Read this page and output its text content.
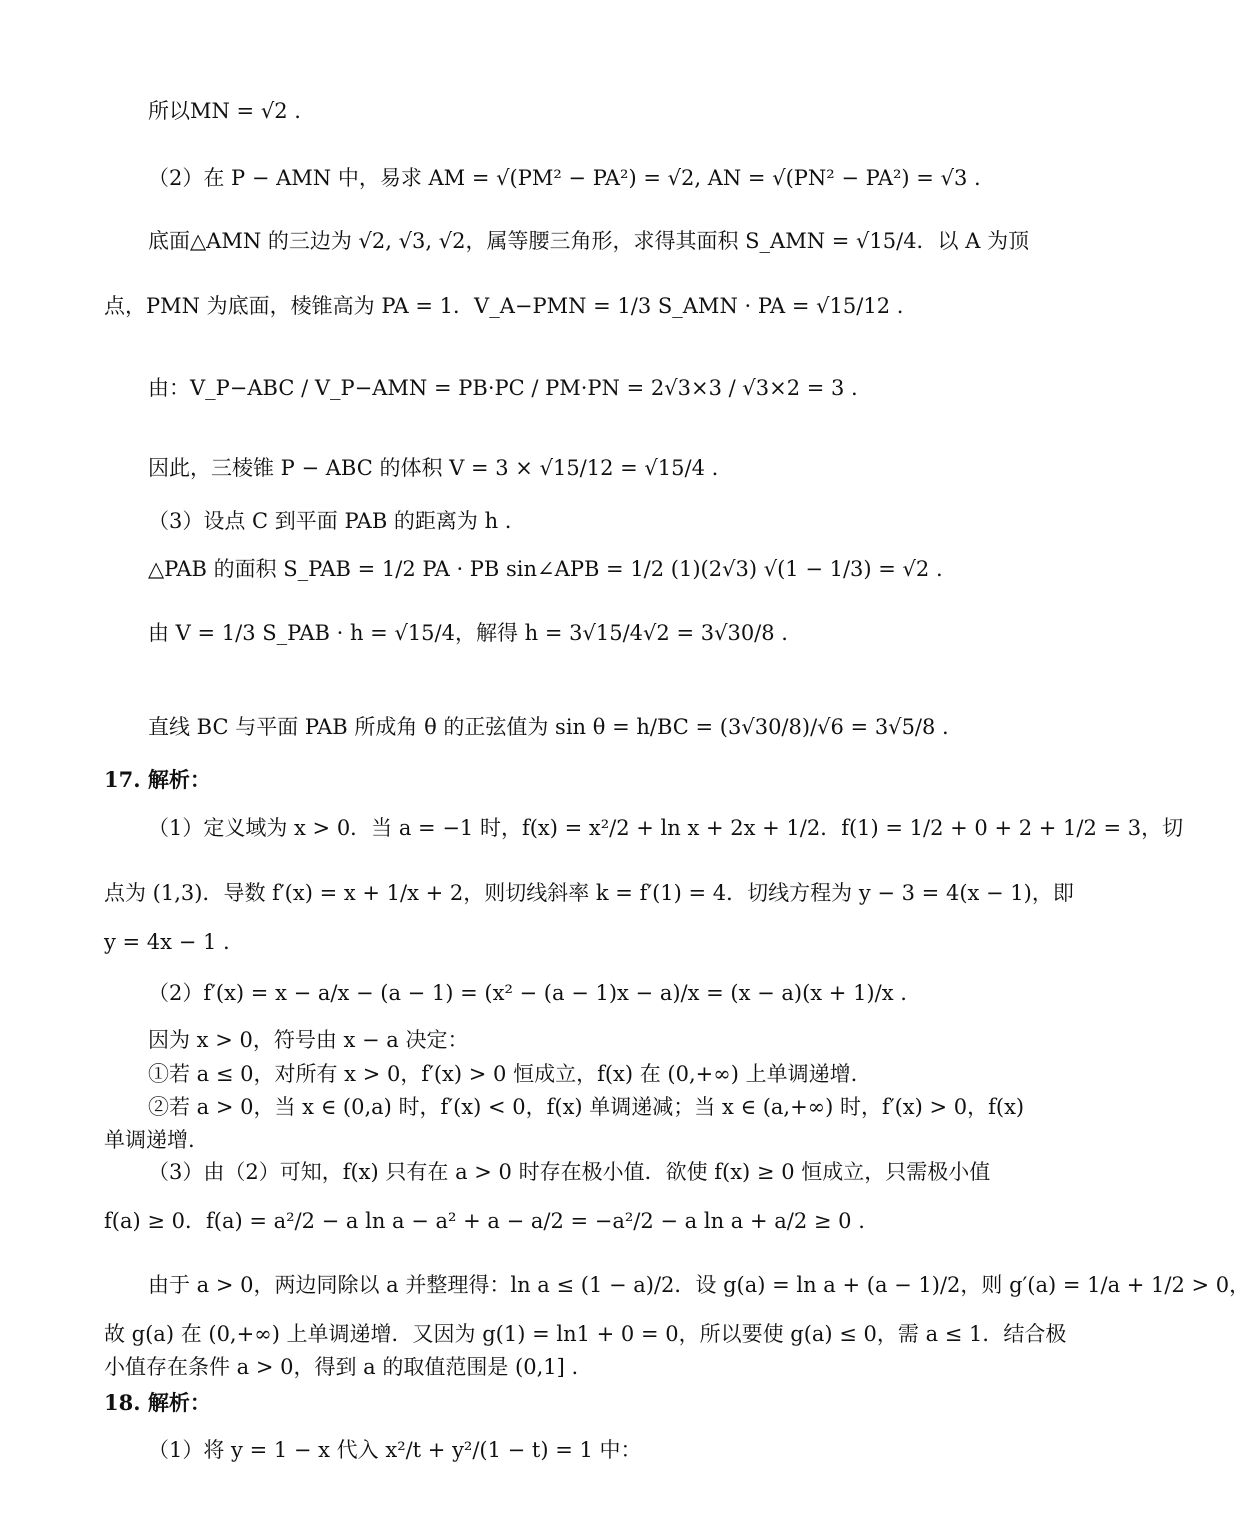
所以MN = √2 .
（2）在 P − AMN 中，易求 AM = √(PM² − PA²) = √2, AN = √(PN² − PA²) = √3 .
底面△AMN 的三边为 √2, √3, √2，属等腰三角形，求得其面积 S_AMN = √15/4．以 A 为顶
点，PMN 为底面，棱锥高为 PA = 1．V_A−PMN = 1/3 S_AMN · PA = √15/12 .
由：V_P−ABC / V_P−AMN = PB·PC / PM·PN = 2√3×3 / √3×2 = 3 .
因此，三棱锥 P − ABC 的体积 V = 3 × √15/12 = √15/4 .
（3）设点 C 到平面 PAB 的距离为 h .
△PAB 的面积 S_PAB = 1/2 PA · PB sin∠APB = 1/2 (1)(2√3) √(1 − 1/3) = √2 .
由 V = 1/3 S_PAB · h = √15/4，解得 h = 3√15/4√2 = 3√30/8 .
直线 BC 与平面 PAB 所成角 θ 的正弦值为 sin θ = h/BC = (3√30/8)/√6 = 3√5/8 .
17. 解析：
（1）定义域为 x > 0．当 a = −1 时，f(x) = x²/2 + ln x + 2x + 1/2．f(1) = 1/2 + 0 + 2 + 1/2 = 3，切
点为 (1,3)．导数 f′(x) = x + 1/x + 2，则切线斜率 k = f′(1) = 4．切线方程为 y − 3 = 4(x − 1)，即
y = 4x − 1 .
（2）f′(x) = x − a/x − (a − 1) = (x² − (a − 1)x − a)/x = (x − a)(x + 1)/x .
因为 x > 0，符号由 x − a 决定：
①若 a ≤ 0，对所有 x > 0，f′(x) > 0 恒成立，f(x) 在 (0,+∞) 上单调递增.
②若 a > 0，当 x ∈ (0,a) 时，f′(x) < 0，f(x) 单调递减；当 x ∈ (a,+∞) 时，f′(x) > 0，f(x)
单调递增.
（3）由（2）可知，f(x) 只有在 a > 0 时存在极小值．欲使 f(x) ≥ 0 恒成立，只需极小值
f(a) ≥ 0．f(a) = a²/2 − a ln a − a² + a − a/2 = −a²/2 − a ln a + a/2 ≥ 0 .
由于 a > 0，两边同除以 a 并整理得：ln a ≤ (1 − a)/2．设 g(a) = ln a + (a − 1)/2，则 g′(a) = 1/a + 1/2 > 0，
故 g(a) 在 (0,+∞) 上单调递增．又因为 g(1) = ln1 + 0 = 0，所以要使 g(a) ≤ 0，需 a ≤ 1．结合极
小值存在条件 a > 0，得到 a 的取值范围是 (0,1] .
18. 解析：
（1）将 y = 1 − x 代入 x²/t + y²/(1 − t) = 1 中：
